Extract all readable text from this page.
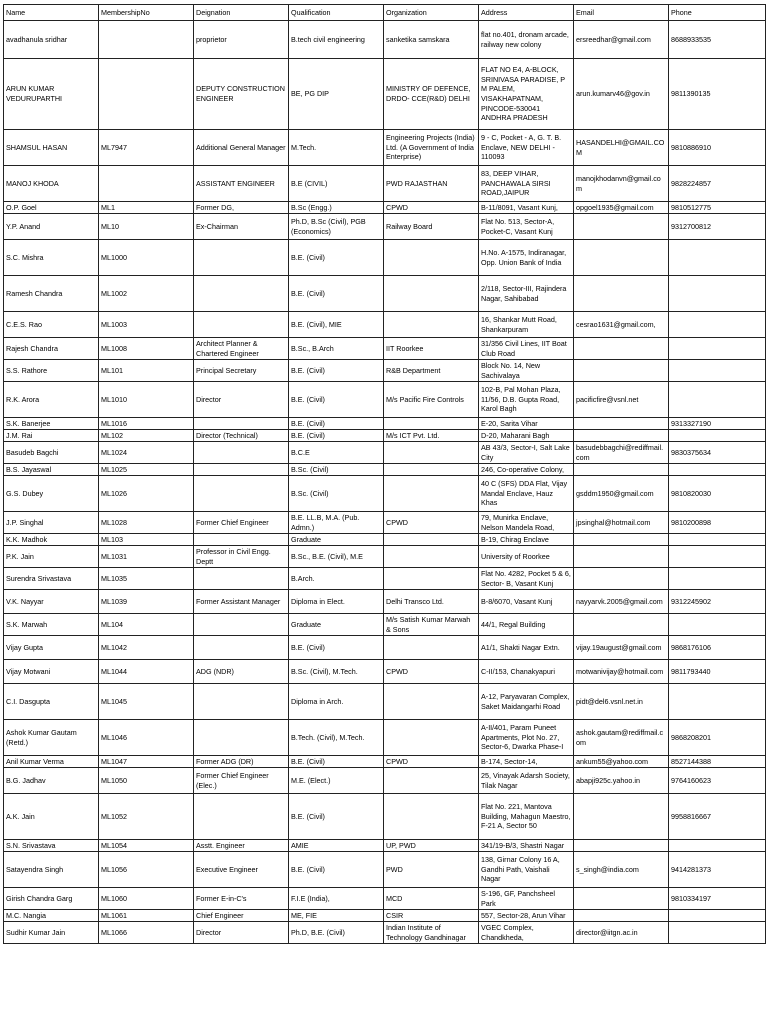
Name	MembershipNo	Deignation	Qualification	Organization	Address	Email	Phone
avadhanula sridhar		proprietor	B.tech civil engineering	sanketika samskara	flat no.401, dronam arcade, railway new colony	ersreedhar@gmail.com	8688933535
ARUN KUMAR VEDURUPARTHI		DEPUTY CONSTRUCTION ENGINEER	BE, PG DIP	MINISTRY OF DEFENCE, DRDO- CCE(R&D) DELHI	FLAT NO E4, A-BLOCK, SRINIVASA PARADISE, P M PALEM, VISAKHAPATNAM, PINCODE-530041 ANDHRA PRADESH	arun.kumarv46@gov.in	9811390135
SHAMSUL HASAN	ML7947	Additional General Manager	M.Tech.	Engineering Projects (India) Ltd. (A Government of India Enterprise)	9 - C, Pocket - A, G. T. B. Enclave, NEW DELHI - 110093	HASANDELHI@GMAIL.COM	9810886910
MANOJ KHODA		ASSISTANT ENGINEER	B.E (CIVIL)	PWD RAJASTHAN	83, DEEP VIHAR, PANCHAWALA SIRSI ROAD,JAIPUR	manojkhodanvn@gmail.com	9828224857
O.P. Goel	ML1	Former DG,	B.Sc (Engg.)	CPWD	B-11/8091, Vasant Kunj,	opgoel1935@gmail.com	9810512775
Y.P. Anand	ML10	Ex-Chairman	Ph.D, B.Sc (Civil), PGB (Economics)	Railway Board	Flat No. 513, Sector-A, Pocket-C, Vasant Kunj		9312700812
S.C. Mishra	ML1000		B.E. (Civil)		H.No. A-1575, Indiranagar, Opp. Union Bank of India		
Ramesh Chandra	ML1002		B.E. (Civil)		2/118, Sector-III, Rajindera Nagar, Sahibabad		
C.E.S. Rao	ML1003		B.E. (Civil), MIE		16, Shankar Mutt Road, Shankarpuram	cesrao1631@gmail.com,	
Rajesh Chandra	ML1008	Architect Planner & Chartered Engineer	B.Sc., B.Arch	IIT Roorkee	31/356 Civil Lines, IIT Boat Club Road		
S.S. Rathore	ML101	Principal Secretary	B.E. (Civil)	R&B Department	Block No. 14, New Sachivalaya		
R.K. Arora	ML1010	Director	B.E. (Civil)	M/s Pacific Fire Controls	102-B, Pal Mohan Plaza, 11/56, D.B. Gupta Road, Karol Bagh	pacificfire@vsnl.net	
S.K. Banerjee	ML1016		B.E. (Civil)		E-20, Sarita Vihar		9313327190
J.M. Rai	ML102	Director (Technical)	B.E. (Civil)	M/s ICT Pvt. Ltd.	D-20, Maharani Bagh		
Basudeb Bagchi	ML1024		B.C.E		AB 43/3, Sector-I, Salt Lake City	basudebbagchi@rediffmail.com	9830375634
B.S. Jayaswal	ML1025		B.Sc. (Civil)		246, Co-operative Colony,		
G.S. Dubey	ML1026		B.Sc. (Civil)		40 C (SFS) DDA Flat, Vijay Mandal Enclave, Hauz Khas	gsddm1950@gmail.com	9810820030
J.P. Singhal	ML1028	Former Chief Engineer	B.E. LL.B, M.A. (Pub. Admn.)	CPWD	79, Munirka Enclave, Nelson Mandela Road,	jpsinghal@hotmail.com	9810200898
K.K. Madhok	ML103		Graduate		B-19, Chirag Enclave		
P.K. Jain	ML1031	Professor in Civil Engg. Deptt	B.Sc., B.E. (Civil), M.E		University of Roorkee		
Surendra Srivastava	ML1035		B.Arch.		Flat No. 4282, Pocket 5 & 6, Sector- B, Vasant Kunj		
V.K. Nayyar	ML1039	Former Assistant Manager	Diploma in Elect.	Delhi Transco Ltd.	B-8/6070, Vasant Kunj	nayyarvk.2005@gmail.com	9312245902
S.K. Marwah	ML104		Graduate	M/s Satish Kumar Marwah & Sons	44/1, Regal Building		
Vijay Gupta	ML1042		B.E. (Civil)		A1/1, Shakti Nagar Extn.	vijay.19august@gmail.com	9868176106
Vijay Motwani	ML1044	ADG (NDR)	B.Sc. (Civil), M.Tech.	CPWD	C-II/153, Chanakyapuri	motwanivijay@hotmail.com	9811793440
C.I. Dasgupta	ML1045		Diploma in Arch.		A-12, Paryavaran Complex, Saket Maidangarhi Road	pidt@del6.vsnl.net.in	
Ashok Kumar Gautam (Retd.)	ML1046		B.Tech. (Civil), M.Tech.		A-II/401, Param Puneet Apartments, Plot No. 27, Sector-6, Dwarka Phase-I	ashok.gautam@rediffmail.com	9868208201
Anil Kumar Verma	ML1047	Former ADG (DR)	B.E. (Civil)	CPWD	B-174, Sector-14,	ankum55@yahoo.com	8527144388
B.G. Jadhav	ML1050	Former Chief Engineer (Elec.)	M.E. (Elect.)		25, Vinayak Adarsh Society, Tilak Nagar	abapji925c.yahoo.in	9764160623
A.K. Jain	ML1052		B.E. (Civil)		Flat No. 221, Mantova Building, Mahagun Maestro, F-21 A, Sector 50		9958816667
S.N. Srivastava	ML1054	Asstt. Engineer	AMIE	UP, PWD	341/19-B/3, Shastri Nagar		
Satayendra Singh	ML1056	Executive Engineer	B.E. (Civil)	PWD	138, Girnar Colony 16 A, Gandhi Path, Vaishali Nagar	s_singh@india.com	9414281373
Girish Chandra Garg	ML1060	Former E-in-C's	F.I.E (India),	MCD	S-196, GF, Panchsheel Park		9810334197
M.C. Nangia	ML1061	Chief Engineer	ME, FIE	CSIR	557, Sector-28, Arun Vihar		
Sudhir Kumar Jain	ML1066	Director	Ph.D, B.E. (Civil)	Indian Institute of Technology Gandhinagar	VGEC Complex, Chandkheda,	director@iitgn.ac.in	
